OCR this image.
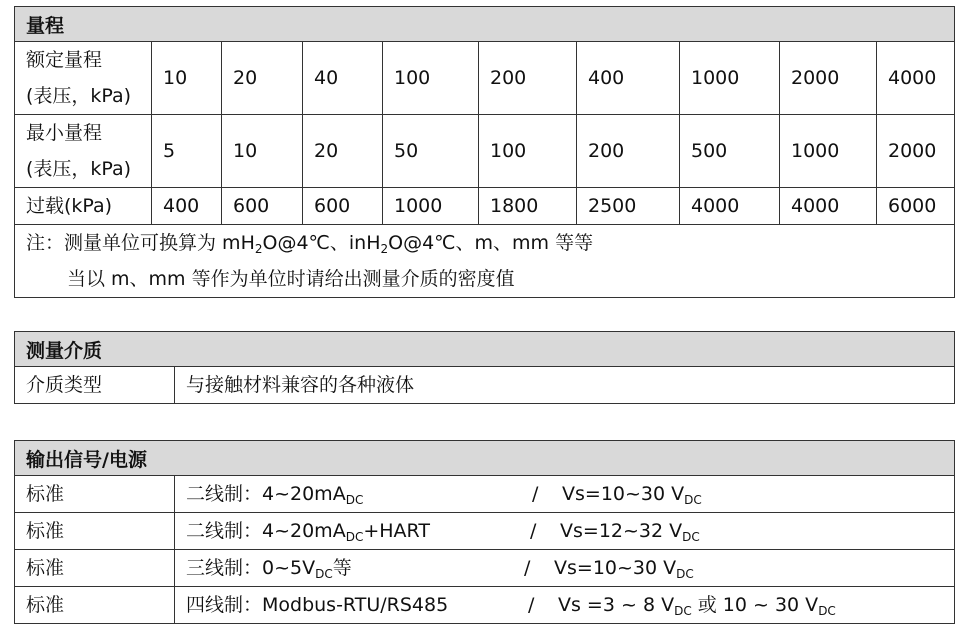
量程									

额定量程
(表压，kPa)	10	20	40	100	200	400	1000	2000	4000

最小量程
(表压，kPa)	5	10	20	50	100	200	500	1000	2000
过载(kPa)	400	600	600	1000	1800	2500	4000	4000	6000

注：测量单位可换算为 $mH_2O@4℃$、inH$_2$O@4℃、m、mm 等等
当以 m、mm 等作为单位时请给出测量介质的密度值									
测量介质
介质类型	与接触材料兼容的各种液体
输出信号/电源	
标准	二线制：$4\sim 20mA_{DC}$ / Vs=10~30 $V_{DC}$

标准	二线制：$4\sim 20mA_{DC}+HART$ / Vs=12~32 $V_{DC}$

标准	三线制：$0\sim 5V_{DC}$等 / Vs=10~30 $V_{DC}$

标准	四线制：Modbus-RTU/RS485 / Vs =3 ~ 8 $V_{DC}$ 或 10 ~ 30 $V_{DC}$
